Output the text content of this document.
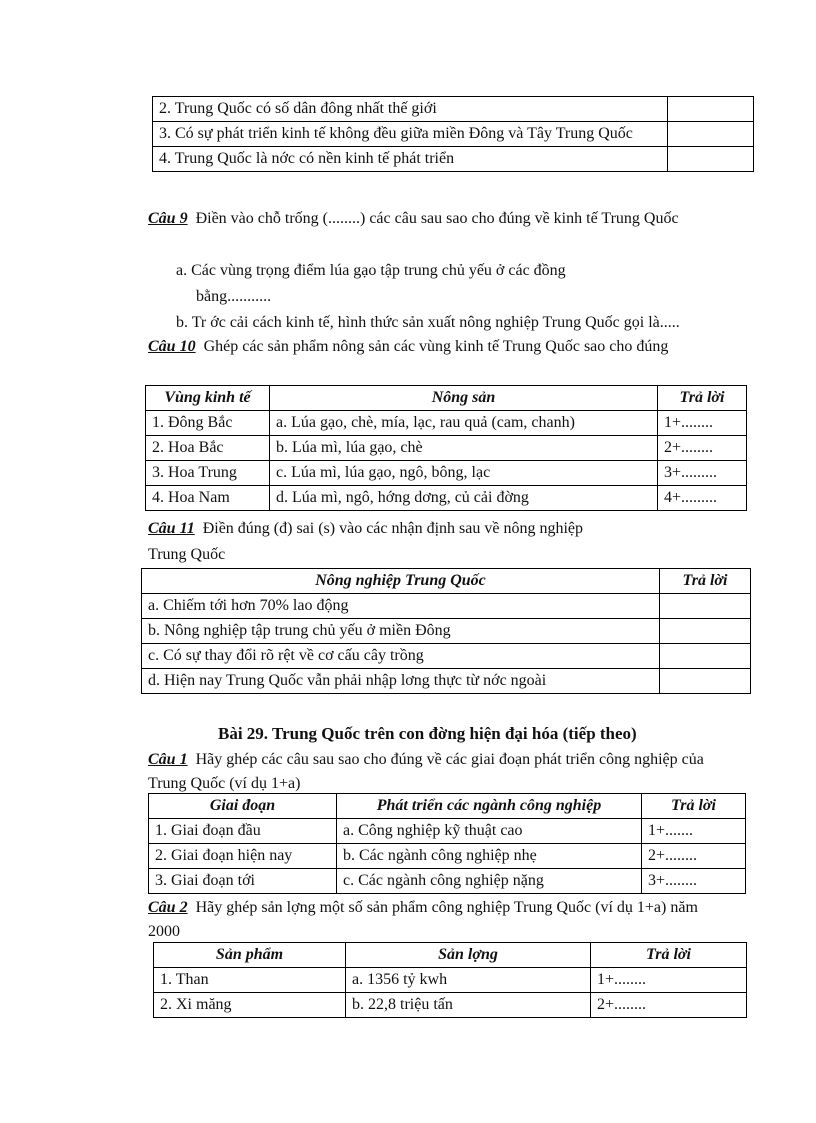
2. Trung Quốc có số dân đông nhất thế giới	
3. Có sự phát triển kinh tế không đều giữa miền Đông và Tây Trung Quốc	
4. Trung Quốc là nớc có nền kinh tế phát triển	
Câu 9 Điền vào chỗ trống (........) các câu sau sao cho đúng về kinh tế Trung Quốc
a. Các vùng trọng điểm lúa gạo tập trung chủ yếu ở các đồng
bằng...........
b. Tr ớc cải cách kinh tế, hình thức sản xuất nông nghiệp Trung Quốc gọi là.....
Câu 10 Ghép các sản phẩm nông sản các vùng kinh tế Trung Quốc sao cho đúng
Vùng kinh tế	Nông sản	Trả lời
1. Đông Bắc	a. Lúa gạo, chè, mía, lạc, rau quả (cam, chanh)	1+........
2. Hoa Bắc	b. Lúa mì, lúa gạo, chè	2+........
3. Hoa Trung	c. Lúa mì, lúa gạo, ngô, bông, lạc	3+.........
4. Hoa Nam	d. Lúa mì, ngô, hớng dơng, củ cải đờng	4+.........
Câu 11 Điền đúng (đ) sai (s) vào các nhận định sau về nông nghiệp
Trung Quốc
Nông nghiệp Trung Quốc	Trả lời
a. Chiếm tới hơn 70% lao động	
b. Nông nghiệp tập trung chủ yếu ở miền Đông	
c. Có sự thay đổi rõ rệt về cơ cấu cây trồng	
d. Hiện nay Trung Quốc vẫn phải nhập lơng thực từ nớc ngoài	
Bài 29. Trung Quốc trên con đờng hiện đại hóa (tiếp theo)
Câu 1 Hãy ghép các câu sau sao cho đúng về các giai đoạn phát triển công nghiệp của Trung Quốc (ví dụ 1+a)
Giai đoạn	Phát triển các ngành công nghiệp	Trả lời
1. Giai đoạn đầu	a. Công nghiệp kỹ thuật cao	1+.......
2. Giai đoạn hiện nay	b. Các ngành công nghiệp nhẹ	2+........
3. Giai đoạn tới	c. Các ngành công nghiệp nặng	3+........
Câu 2 Hãy ghép sản lợng một số sản phẩm công nghiệp Trung Quốc (ví dụ 1+a) năm 2000
Sản phẩm	Sản lợng	Trả lời
1. Than	a. 1356 tỷ kwh	1+........
2. Xi măng	b. 22,8 triệu tấn	2+........
